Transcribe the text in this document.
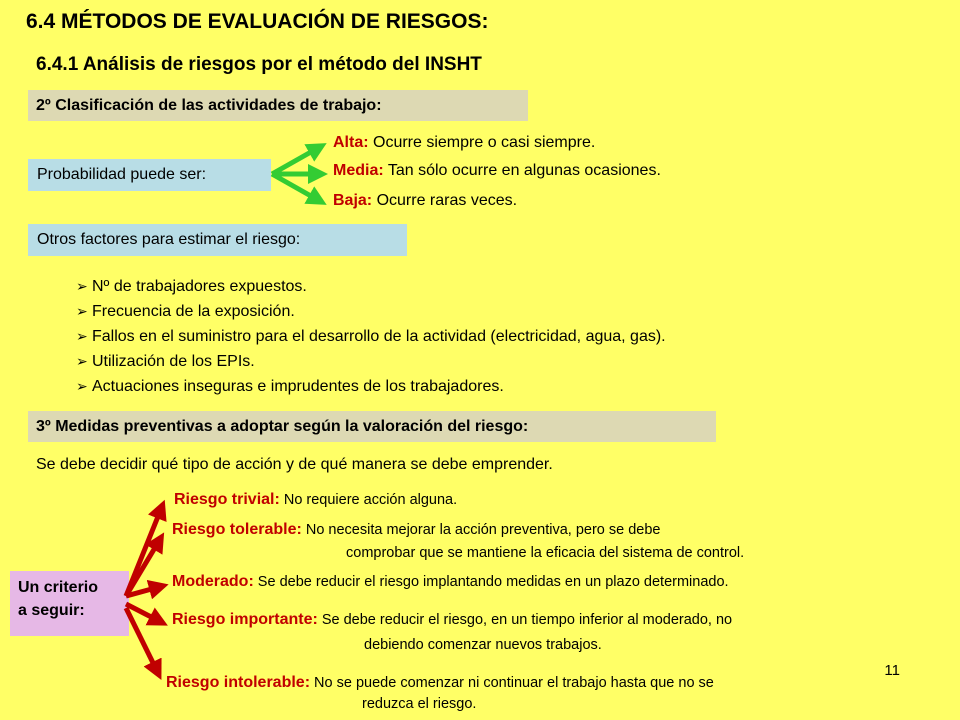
6.4 MÉTODOS DE EVALUACIÓN DE RIESGOS:
6.4.1 Análisis de riesgos por el método del INSHT
2º Clasificación de las actividades de trabajo:
Probabilidad puede ser:
Alta: Ocurre siempre o casi siempre.
Media: Tan sólo ocurre en algunas ocasiones.
Baja: Ocurre raras veces.
Otros factores para estimar el riesgo:
➢ Nº de trabajadores expuestos.
➢ Frecuencia de la exposición.
➢ Fallos en el suministro para el desarrollo de la actividad (electricidad, agua, gas).
➢ Utilización de los EPIs.
➢ Actuaciones inseguras e imprudentes de los trabajadores.
3º Medidas preventivas a adoptar según la valoración del riesgo:
Se debe decidir qué tipo de acción y de qué manera se debe emprender.
Un criterio
a seguir:
Riesgo trivial: No requiere acción alguna.
Riesgo tolerable: No necesita mejorar la acción preventiva, pero se debe
comprobar que se mantiene la eficacia del sistema de control.
Moderado: Se debe reducir el riesgo implantando medidas en un plazo determinado.
Riesgo importante: Se debe reducir el riesgo, en un tiempo inferior al moderado, no
debiendo comenzar nuevos trabajos.
Riesgo intolerable: No se puede comenzar ni continuar el trabajo hasta que no se
reduzca el riesgo.
11
